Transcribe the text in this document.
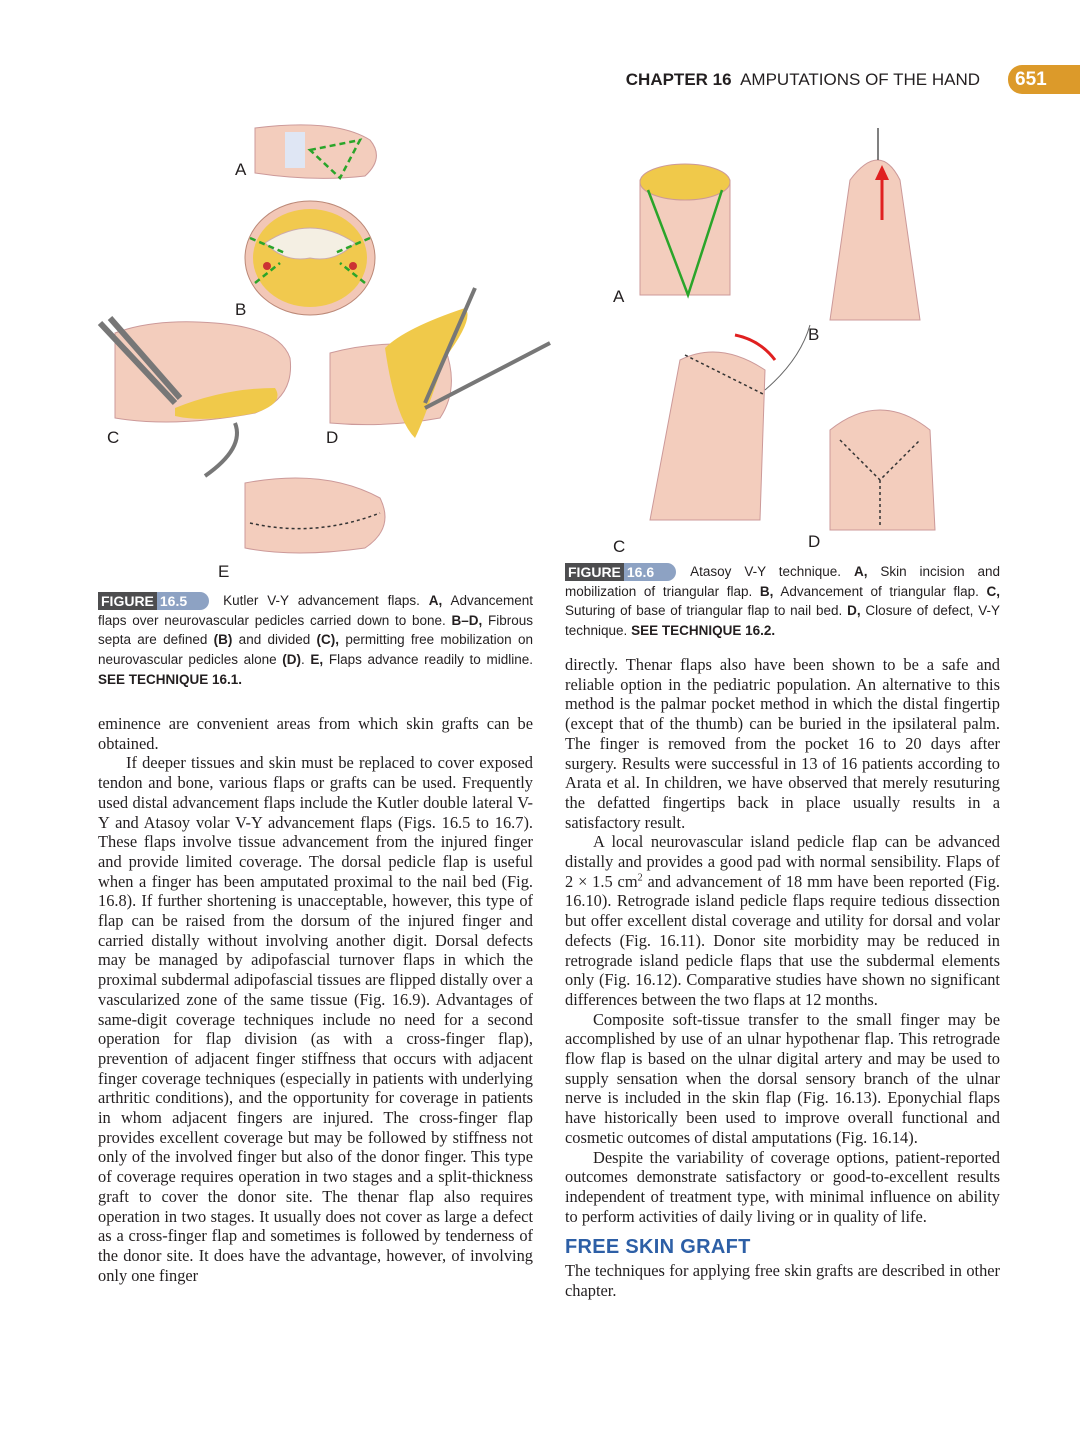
CHAPTER 16 AMPUTATIONS OF THE HAND 651
A
B
C	D
E
A
B
C	D
FIGURE 16.5	Kutler V-Y advancement flaps. A, Advancement flaps over neurovascular pedicles carried down to bone. B–D, Fibrous septa are defined (B) and divided (C), permitting free mobilization on neurovascular pedicles alone (D). E, Flaps advance readily to midline. SEE TECHNIQUE 16.1.

eminence are convenient areas from which skin grafts can be obtained.

If deeper tissues and skin must be replaced to cover exposed tendon and bone, various flaps or grafts can be used. Frequently used distal advancement flaps include the Kutler double lateral V-Y and Atasoy volar V-Y advancement flaps (Figs. 16.5 to 16.7). These flaps involve tissue advancement from the injured finger and provide limited coverage. The dorsal pedicle flap is useful when a finger has been amputated proximal to the nail bed (Fig. 16.8). If further shortening is unacceptable, however, this type of flap can be raised from the dorsum of the injured finger and carried distally without involving another digit. Dorsal defects may be managed by adipofascial turnover flaps in which the proximal subdermal adipofascial tissues are flipped distally over a vascularized zone of the same tissue (Fig. 16.9). Advantages of same-digit coverage techniques include no need for a second operation for flap division (as with a cross-finger flap), prevention of adjacent finger stiffness that occurs with adjacent finger coverage techniques (especially in patients with underlying arthritic conditions), and the opportunity for coverage in patients in whom adjacent fingers are injured. The cross-finger flap provides excellent coverage but may be followed by stiffness not only of the involved finger but also of the donor finger. This type of coverage requires operation in two stages and a split-thickness graft to cover the donor site. The thenar flap also requires operation in two stages. It usually does not cover as large a defect as a cross-finger flap and sometimes is followed by tenderness of the donor site. It does have the advantage, however, of involving only one finger

FIGURE 16.6	Atasoy V-Y technique. A, Skin incision and mobilization of triangular flap. B, Advancement of triangular flap. C, Suturing of base of triangular flap to nail bed. D, Closure of defect, V-Y technique. SEE TECHNIQUE 16.2.

directly. Thenar flaps also have been shown to be a safe and reliable option in the pediatric population. An alternative to this method is the palmar pocket method in which the distal fingertip (except that of the thumb) can be buried in the ipsilateral palm. The finger is removed from the pocket 16 to 20 days after surgery. Results were successful in 13 of 16 patients according to Arata et al. In children, we have observed that merely resuturing the defatted fingertips back in place usually results in a satisfactory result.

A local neurovascular island pedicle flap can be advanced distally and provides a good pad with normal sensibility. Flaps of 2 × 1.5 $cm^2$ and advancement of 18 mm have been reported (Fig. 16.10). Retrograde island pedicle flaps require tedious dissection but offer excellent distal coverage and utility for dorsal and volar defects (Fig. 16.11). Donor site morbidity may be reduced in retrograde island pedicle flaps that use the subdermal elements only (Fig. 16.12). Comparative studies have shown no significant differences between the two flaps at 12 months.

Composite soft-tissue transfer to the small finger may be accomplished by use of an ulnar hypothenar flap. This retrograde flow flap is based on the ulnar digital artery and may be used to supply sensation when the dorsal sensory branch of the ulnar nerve is included in the skin flap (Fig. 16.13). Eponychial flaps have historically been used to improve overall functional and cosmetic outcomes of distal amputations (Fig. 16.14).

Despite the variability of coverage options, patient-reported outcomes demonstrate satisfactory or good-to-excellent results independent of treatment type, with minimal influence on ability to perform activities of daily living or in quality of life.

FREE SKIN GRAFT

The techniques for applying free skin grafts are described in other chapter.
